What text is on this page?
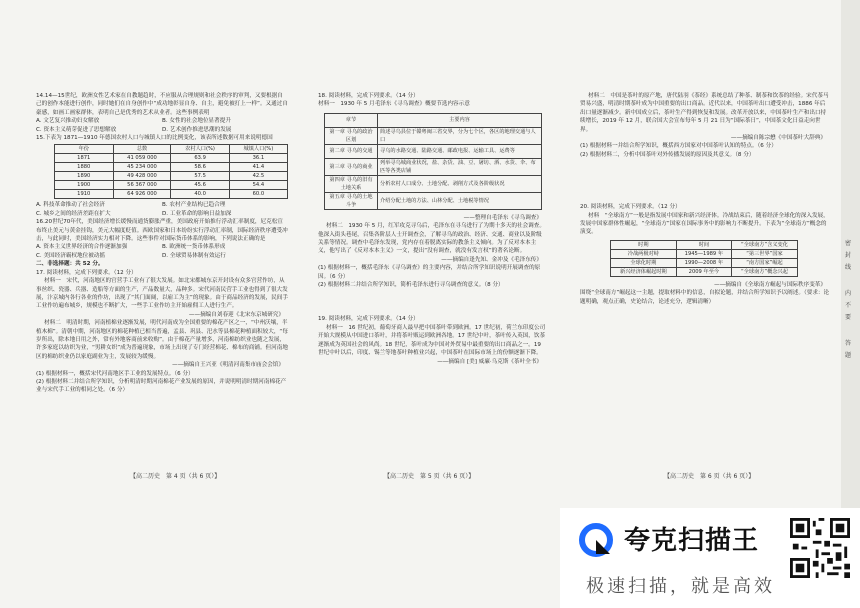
14.14—15世纪，欧洲女性艺术家在自教题趋时，不应服从合理规则和社会秩序的审判，又要根据自己的创作本能进行创作，同时她们在自身创作中“成功地彰显自身、自主，避免被打上一样”。又通过自豪感，如画工画家群体，表明自己是优秀的艺术从业者。这些事例表明

A. 文艺复兴推动妇女解放	B. 女性的社会地位显著提升
C. 资本主义萌芽促进了思想解放	D. 艺术创作推进思潮的发展

15.下表为 1871—1910 年德国农村人口与城镇人口的比例变化，该表所述数据可用来说明德国

年份	总数	农村人口(%)	城镇人口(%)
1871	41 059 000	63.9	36.1
1880	45 234 000	58.6	41.4
1890	49 428 000	57.5	42.5
1900	56 367 000	45.6	54.4
1910	64 926 000	40.0	60.0
A. 科技革命推动了社会经济	B. 农村产业结构已趋合理
C. 城乡之间的经济差距在扩大	D. 工业革命的影响日益加深

16.20世纪70年代，美国经济增长缓慢而通货膨胀严重，美国政府开始推行浮动汇率制度，尼克松宣布终止美元与黄金挂钩，美元大幅度贬值。西欧国家和日本纷纷实行浮动汇率制，国际经济秩序遭受冲击，与此同时，美国经济实力相对下降。这些事件对国际货币体系的影响，下列说法正确的是

A. 资本主义世界经济的合作逐渐加强	B. 欧洲统一货币体系形成
C. 美国经济霸权地位被动摇	D. 全球贸易体制有效运行

二、非选择题：共 52 分。

17. 阅读材料，完成下列要求。（12 分）

材料一　宋代，河南地区的官营手工业有了很大发展。如北宋都城东京开封设有众多官营作坊，从事丝织、瓷器、兵器、造船等方面的生产，产品数量大，品种多。宋代河南民营手工业也得到了很大发展，汴京城内各行各业的作坊，出现了“其门面阔，以雇工为主”的现象。由于商品经济的发展，民间手工业作坊遍布城乡，规模也不断扩大，一些手工业作坊主开始雇佣工人进行生产。

——摘编自刘春迎《北宋东京城研究》

材料二　明清时期，河南植棉业逐渐发展，明代河南成为全国重要的棉花产区之一，“中州沃壤，半植木棉”。清朝中期，河南地区的棉花种植已相当普遍，孟县、巩县、汜水等县棉花种植面积较大，“每岁所出，除本地日用之外，常有外地客商前来收购”。由于棉花产量增多，河南棉纺织业也随之发展，许多家庭以纺织为业，“男耕女织”成为普遍现象，市场上出现了专门经营棉花、棉布的商铺。但河南地区的棉纺织业仍以家庭副业为主，发展较为缓慢。

——摘编自王兴亚《明清河南集市庙会会馆》

(1) 根据材料一，概括宋代河南地区手工业的发展特点。（6 分）

(2) 根据材料二并结合所学知识，分析明清时期河南棉花产业发展的原因，并说明明清时期河南棉花产业与宋代手工业的相同之处。（6 分）

【高二历史　第 4 页（共 6 页）】

18. 阅读材料，完成下列要求。（14 分）

材料一　1930 年 5 月毛泽东《寻乌调查》概要节选内容示意

章节	主要内容
第一章 寻乌的政治区划	简述寻乌县位于赣粤闽三省交界，分为七个区，各区的地理交通与人口
第二章 寻乌的交通	寻乌的水路交通、陆路交通、邮政电报、运输工具、运费等
第三章 寻乌的商业	列举寻乌城商业状况，盐、杂货、油、豆、屠坊、酒、水货、伞、布匹等各类店铺
第四章 寻乌的旧有土地关系	分析农村人口成分、土地分配、剥削方式及各阶级状况
第五章 寻乌的土地斗争	介绍分配土地的方法、山林分配、土地税等情况

——整理自毛泽东《寻乌调查》

材料二　1930 年 5 月，红军攻克寻乌后，毛泽东在寻乌进行了为期十多天的社会调查。他深入街头巷尾，召集各阶层人士开调查会，了解寻乌的政治、经济、交通、商业以及阶级关系等情况。调查中毛泽东发现，党内存在着脱离实际的教条主义倾向。为了反对本本主义，他写出了《反对本本主义》一文，提出“没有调查，就没有发言权”的著名论断。

——摘编自逢先知、金冲及《毛泽东传》

(1) 根据材料一，概括毛泽东《寻乌调查》的主要内容，并结合所学知识说明开展调查的原因。（6 分）

(2) 根据材料二并结合所学知识，简析毛泽东进行寻乌调查的意义。（8 分）

19. 阅读材料，完成下列要求。（14 分）

材料一　16 世纪初，葡萄牙商人最早把中国茶叶带到欧洲。17 世纪初，荷兰东印度公司开始大规模从中国进口茶叶，并将茶叶贩运到欧洲各地。17 世纪中叶，茶叶传入英国，饮茶逐渐成为英国社会的风尚。18 世纪，茶叶成为中国对外贸易中最重要的出口商品之一。19 世纪中叶以后，印度、锡兰等地茶叶种植业兴起，中国茶叶在国际市场上的份额逐渐下降。

——摘编自 [美] 威廉·乌克斯《茶叶全书》

【高二历史　第 5 页（共 6 页）】

材料二　中国是茶叶的原产地，唐代陆羽《茶经》系统总结了种茶、制茶和饮茶的经验。宋代茶马贸易兴盛，明清时期茶叶成为中国重要的出口商品。近代以来，中国茶叶出口遭受冲击，1886 年后出口量逐渐减少。新中国成立后，茶叶生产得到恢复和发展。改革开放以来，中国茶叶生产和出口持续增长，2019 年 12 月，联合国大会宣布每年 5 月 21 日为“国际茶日”，中国茶文化日益走向世界。

——摘编自陈宗懋《中国茶叶大辞典》

(1) 根据材料一并结合所学知识，概括西方国家对中国茶叶认知的特点。（6 分）

(2) 根据材料二，分析中国茶叶对外传播发展的原因及其意义。（8 分）

20. 阅读材料，完成下列要求。（12 分）

材料　“全球南方”一般是指发展中国家和新兴经济体。冷战结束后，随着经济全球化的深入发展，发展中国家群体性崛起，“全球南方”国家在国际事务中的影响力不断提升。下表为“全球南方”概念的演变。

时期	时间	“全球南方”含义变化
冷战两极对峙	1945—1989 年	“第三世界”国家
全球化时期	1990—2008 年	“南方国家”崛起
新兴经济体崛起时期	2009 年至今	“全球南方”概念兴起

——摘编自《全球南方崛起与国际秩序变革》

围绕“全球南方”崛起这一主题，提取材料中的信息，自拟论题，并结合所学知识予以阐述。（要求：论题明确，观点正确，史论结合，论述充分，逻辑清晰）

【高二历史　第 6 页（共 6 页）】
密
封
线
内
不
要
答
题
夸克扫描王
极速扫描，就是高效
